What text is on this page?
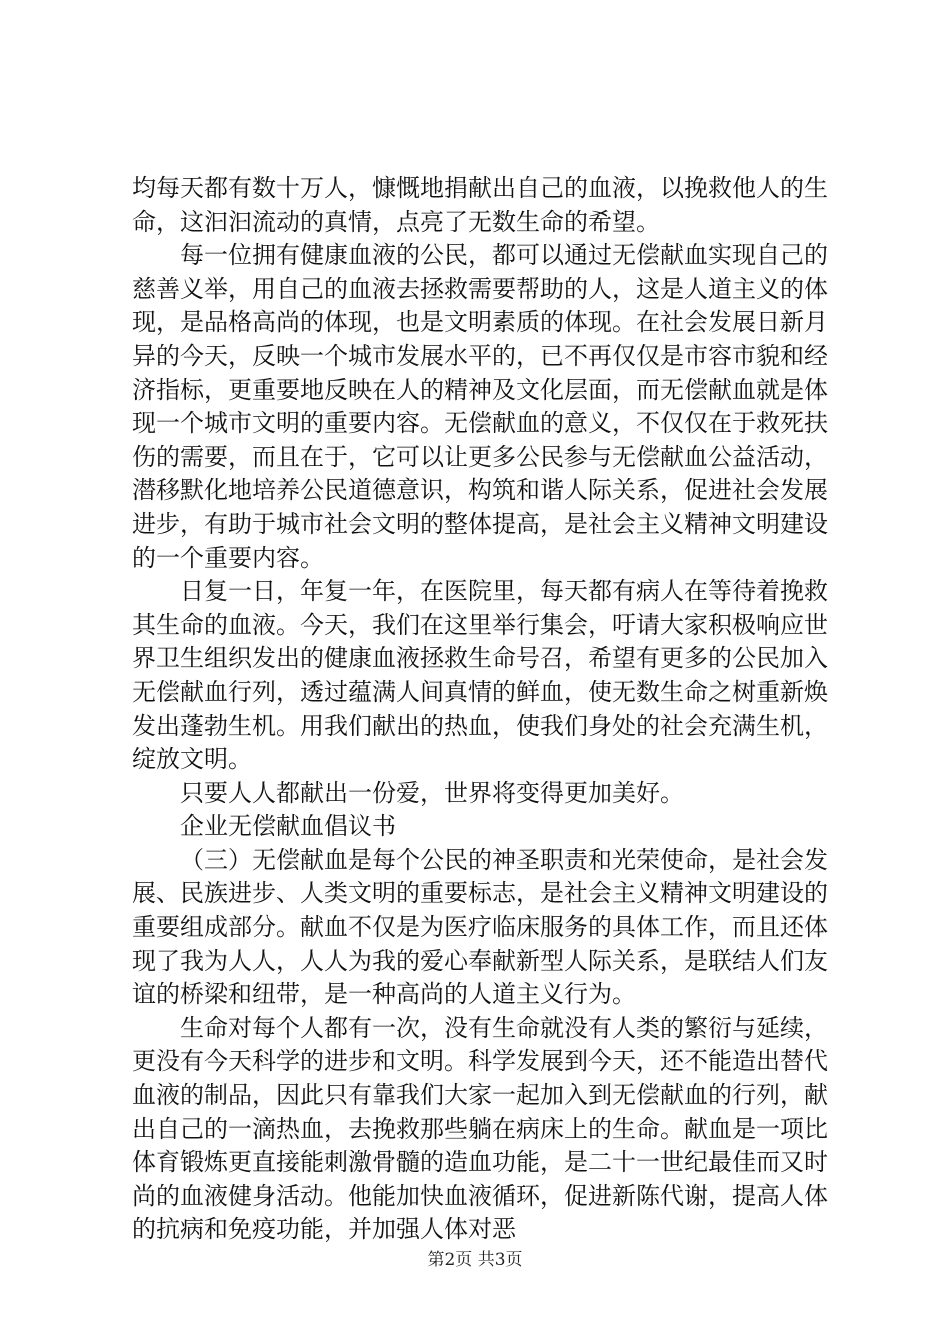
均每天都有数十万人，慷慨地捐献出自己的血液，以挽救他人的生命，这汩汩流动的真情，点亮了无数生命的希望。

每一位拥有健康血液的公民，都可以通过无偿献血实现自己的慈善义举，用自己的血液去拯救需要帮助的人，这是人道主义的体现，是品格高尚的体现，也是文明素质的体现。在社会发展日新月异的今天，反映一个城市发展水平的，已不再仅仅是市容市貌和经济指标，更重要地反映在人的精神及文化层面，而无偿献血就是体现一个城市文明的重要内容。无偿献血的意义，不仅仅在于救死扶伤的需要，而且在于，它可以让更多公民参与无偿献血公益活动，潜移默化地培养公民道德意识，构筑和谐人际关系，促进社会发展进步，有助于城市社会文明的整体提高，是社会主义精神文明建设的一个重要内容。

日复一日，年复一年，在医院里，每天都有病人在等待着挽救其生命的血液。今天，我们在这里举行集会，吁请大家积极响应世界卫生组织发出的健康血液拯救生命号召，希望有更多的公民加入无偿献血行列，透过蕴满人间真情的鲜血，使无数生命之树重新焕发出蓬勃生机。用我们献出的热血，使我们身处的社会充满生机，绽放文明。

只要人人都献出一份爱，世界将变得更加美好。

企业无偿献血倡议书

（三）无偿献血是每个公民的神圣职责和光荣使命，是社会发展、民族进步、人类文明的重要标志，是社会主义精神文明建设的重要组成部分。献血不仅是为医疗临床服务的具体工作，而且还体现了我为人人，人人为我的爱心奉献新型人际关系，是联结人们友谊的桥梁和纽带，是一种高尚的人道主义行为。

生命对每个人都有一次，没有生命就没有人类的繁衍与延续，更没有今天科学的进步和文明。科学发展到今天，还不能造出替代血液的制品，因此只有靠我们大家一起加入到无偿献血的行列，献出自己的一滴热血，去挽救那些躺在病床上的生命。献血是一项比体育锻炼更直接能刺激骨髓的造血功能，是二十一世纪最佳而又时尚的血液健身活动。他能加快血液循环，促进新陈代谢，提高人体的抗病和免疫功能，并加强人体对恶

第2页 共3页
